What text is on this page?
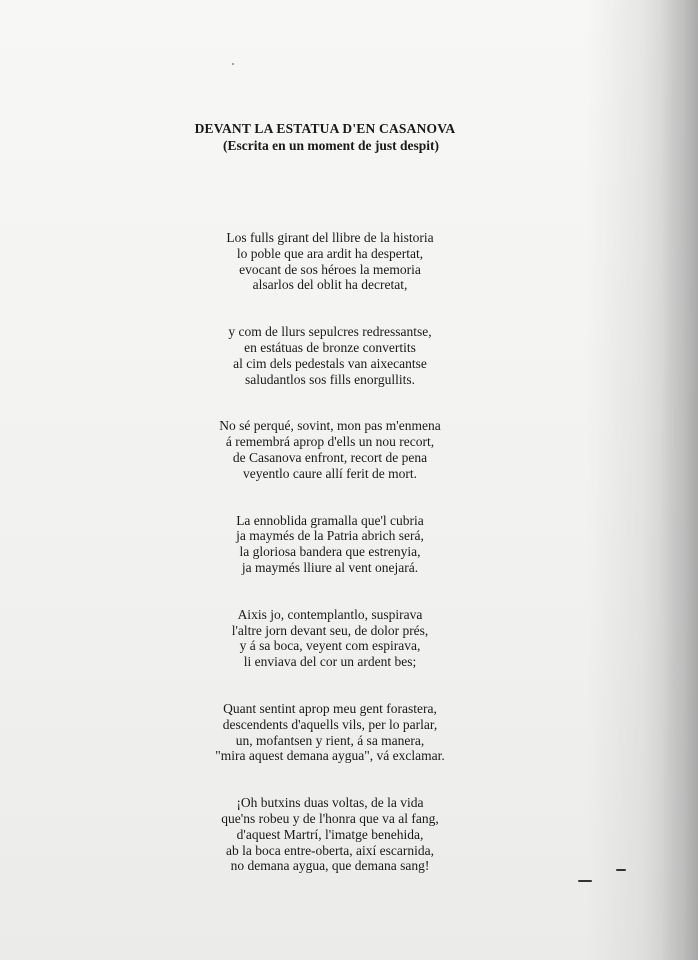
DEVANT LA ESTATUA D'EN CASANOVA
(Escrita en un moment de just despit)
Los fulls girant del llibre de la historia
lo poble que ara ardit ha despertat,
evocant de sos héroes la memoria
alsarlos del oblit ha decretat,
y com de llurs sepulcres redressantse,
en estátuas de bronze convertits
al cim dels pedestals van aixecantse
saludantlos sos fills enorgullits.
No sé perqué, sovint, mon pas m'enmena
á remembrá aprop d'ells un nou recort,
de Casanova enfront, recort de pena
veyentlo caure allí ferit de mort.
La ennoblida gramalla que'l cubria
ja maymés de la Patria abrich será,
la gloriosa bandera que estrenyia,
ja maymés lliure al vent onejará.
Aixis jo, contemplantlo, suspirava
l'altre jorn devant seu, de dolor prés,
y á sa boca, veyent com espirava,
li enviava del cor un ardent bes;
Quant sentint aprop meu gent forastera,
descendents d'aquells vils, per lo parlar,
un, mofantsen y rient, á sa manera,
"mira aquest demana aygua", vá exclamar.
¡Oh butxins duas voltas, de la vida
que'ns robeu y de l'honra que va al fang,
d'aquest Martrí, l'imatge benehida,
ab la boca entre-oberta, així escarnida,
no demana aygua, que demana sang!
